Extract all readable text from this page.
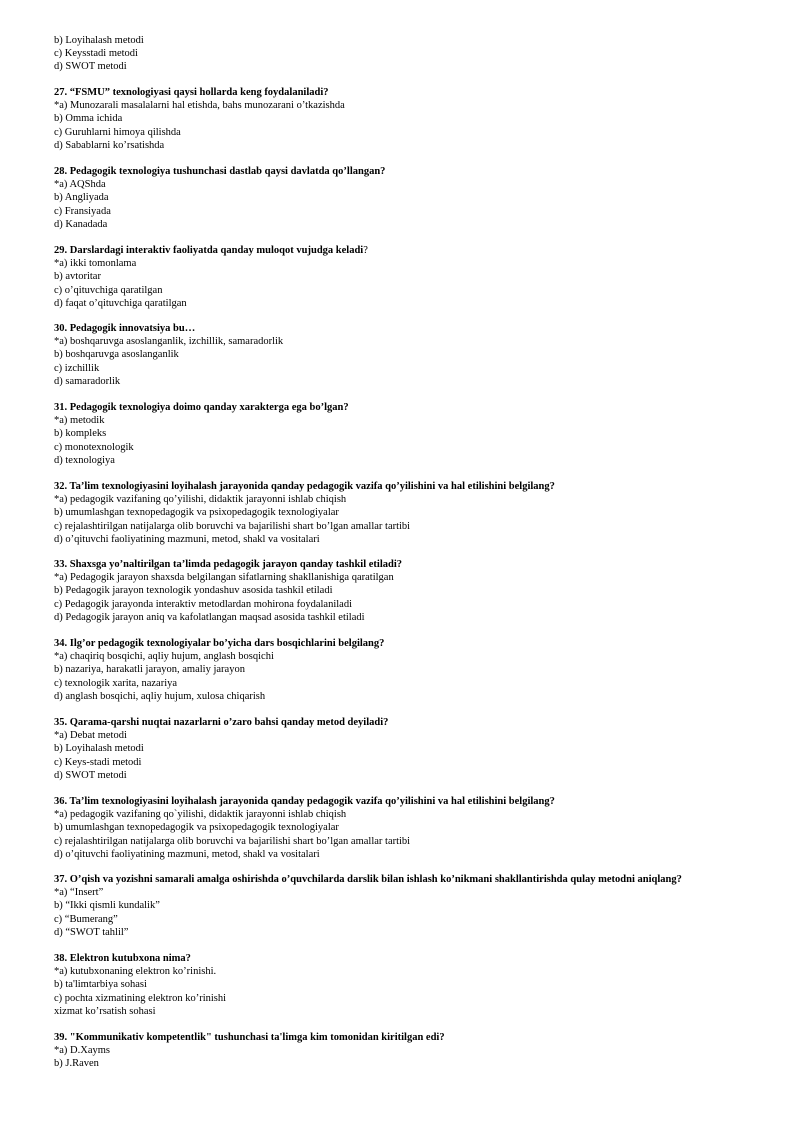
b) Loyihalash metodi
c) Keysstadi metodi
d) SWOT metodi
27. “FSMU” texnologiyasi qaysi hollarda keng foydalaniladi?
*a) Munozarali masalalarni hal etishda, bahs munozarani o’tkazishda
b) Omma ichida
c) Guruhlarni himoya qilishda
d) Sabablarni ko’rsatishda
28. Pedagogik texnologiya tushunchasi dastlab qaysi davlatda qo’llangan?
*a) AQShda
b) Angliyada
c) Fransiyada
d) Kanadada
29. Darslardagi interaktiv faoliyatda qanday muloqot vujudga keladi?
*a) ikki tomonlama
b) avtoritar
c) o’qituvchiga qaratilgan
d) faqat o’qituvchiga qaratilgan
30. Pedagogik innovatsiya bu…
*a) boshqaruvga asoslanganlik, izchillik, samaradorlik
b) boshqaruvga asoslanganlik
c) izchillik
d) samaradorlik
31. Pedagogik texnologiya doimo qanday xarakterga ega bo’lgan?
*a) metodik
b) kompleks
c) monotexnologik
d) texnologiya
32. Ta’lim texnologiyasini loyihalash jarayonida qanday pedagogik vazifa qo’yilishini va hal etilishini belgilang?
*a) pedagogik vazifaning qo’yilishi, didaktik jarayonni ishlab chiqish
b) umumlashgan texnopedagogik va psixopedagogik texnologiyalar
c) rejalashtirilgan natijalarga olib boruvchi va bajarilishi shart bo’lgan amallar tartibi
d) o’qituvchi faoliyatining mazmuni, metod, shakl va vositalari
33. Shaxsga yo’naltirilgan ta’limda pedagogik jarayon qanday tashkil etiladi?
*a) Pedagogik jarayon shaxsda belgilangan sifatlarning shakllanishiga qaratilgan
b) Pedagogik jarayon texnologik yondashuv asosida tashkil etiladi
c) Pedagogik jarayonda interaktiv metodlardan mohirona foydalaniladi
d) Pedagogik jarayon aniq va kafolatlangan maqsad asosida tashkil etiladi
34. Ilg’or pedagogik texnologiyalar bo’yicha dars bosqichlarini belgilang?
*a) chaqiriq bosqichi, aqliy hujum, anglash bosqichi
b) nazariya, harakatli jarayon, amaliy jarayon
c) texnologik xarita, nazariya
d) anglash bosqichi, aqliy hujum, xulosa chiqarish
35. Qarama-qarshi nuqtai nazarlarni o’zaro bahsi qanday metod deyiladi?
*a) Debat metodi
b) Loyihalash metodi
c) Keys-stadi metodi
d) SWOT metodi
36. Ta’lim texnologiyasini loyihalash jarayonida qanday pedagogik vazifa qo’yilishini va hal etilishini belgilang?
*a) pedagogik vazifaning qo`yilishi, didaktik jarayonni ishlab chiqish
b) umumlashgan texnopedagogik va psixopedagogik texnologiyalar
c) rejalashtirilgan natijalarga olib boruvchi va bajarilishi shart bo’lgan amallar tartibi
d) o’qituvchi faoliyatining mazmuni, metod, shakl va vositalari
37. O’qish va yozishni samarali amalga oshirishda o’quvchilarda darslik bilan ishlash ko’nikmani shakllantirishda qulay metodni aniqlang?
*a) “Insert”
b) “Ikki qismli kundalik”
c) “Bumerang”
d) “SWOT tahlil”
38. Elektron kutubxona nima?
*a) kutubxonaning elektron ko’rinishi.
b) ta'limtarbiya sohasi
c) pochta xizmatining elektron ko’rinishi
xizmat ko’rsatish sohasi
39. "Kommunikativ kompetentlik" tushunchasi ta'limga kim tomonidan kiritilgan edi?
*a) D.Xayms
b) J.Raven
